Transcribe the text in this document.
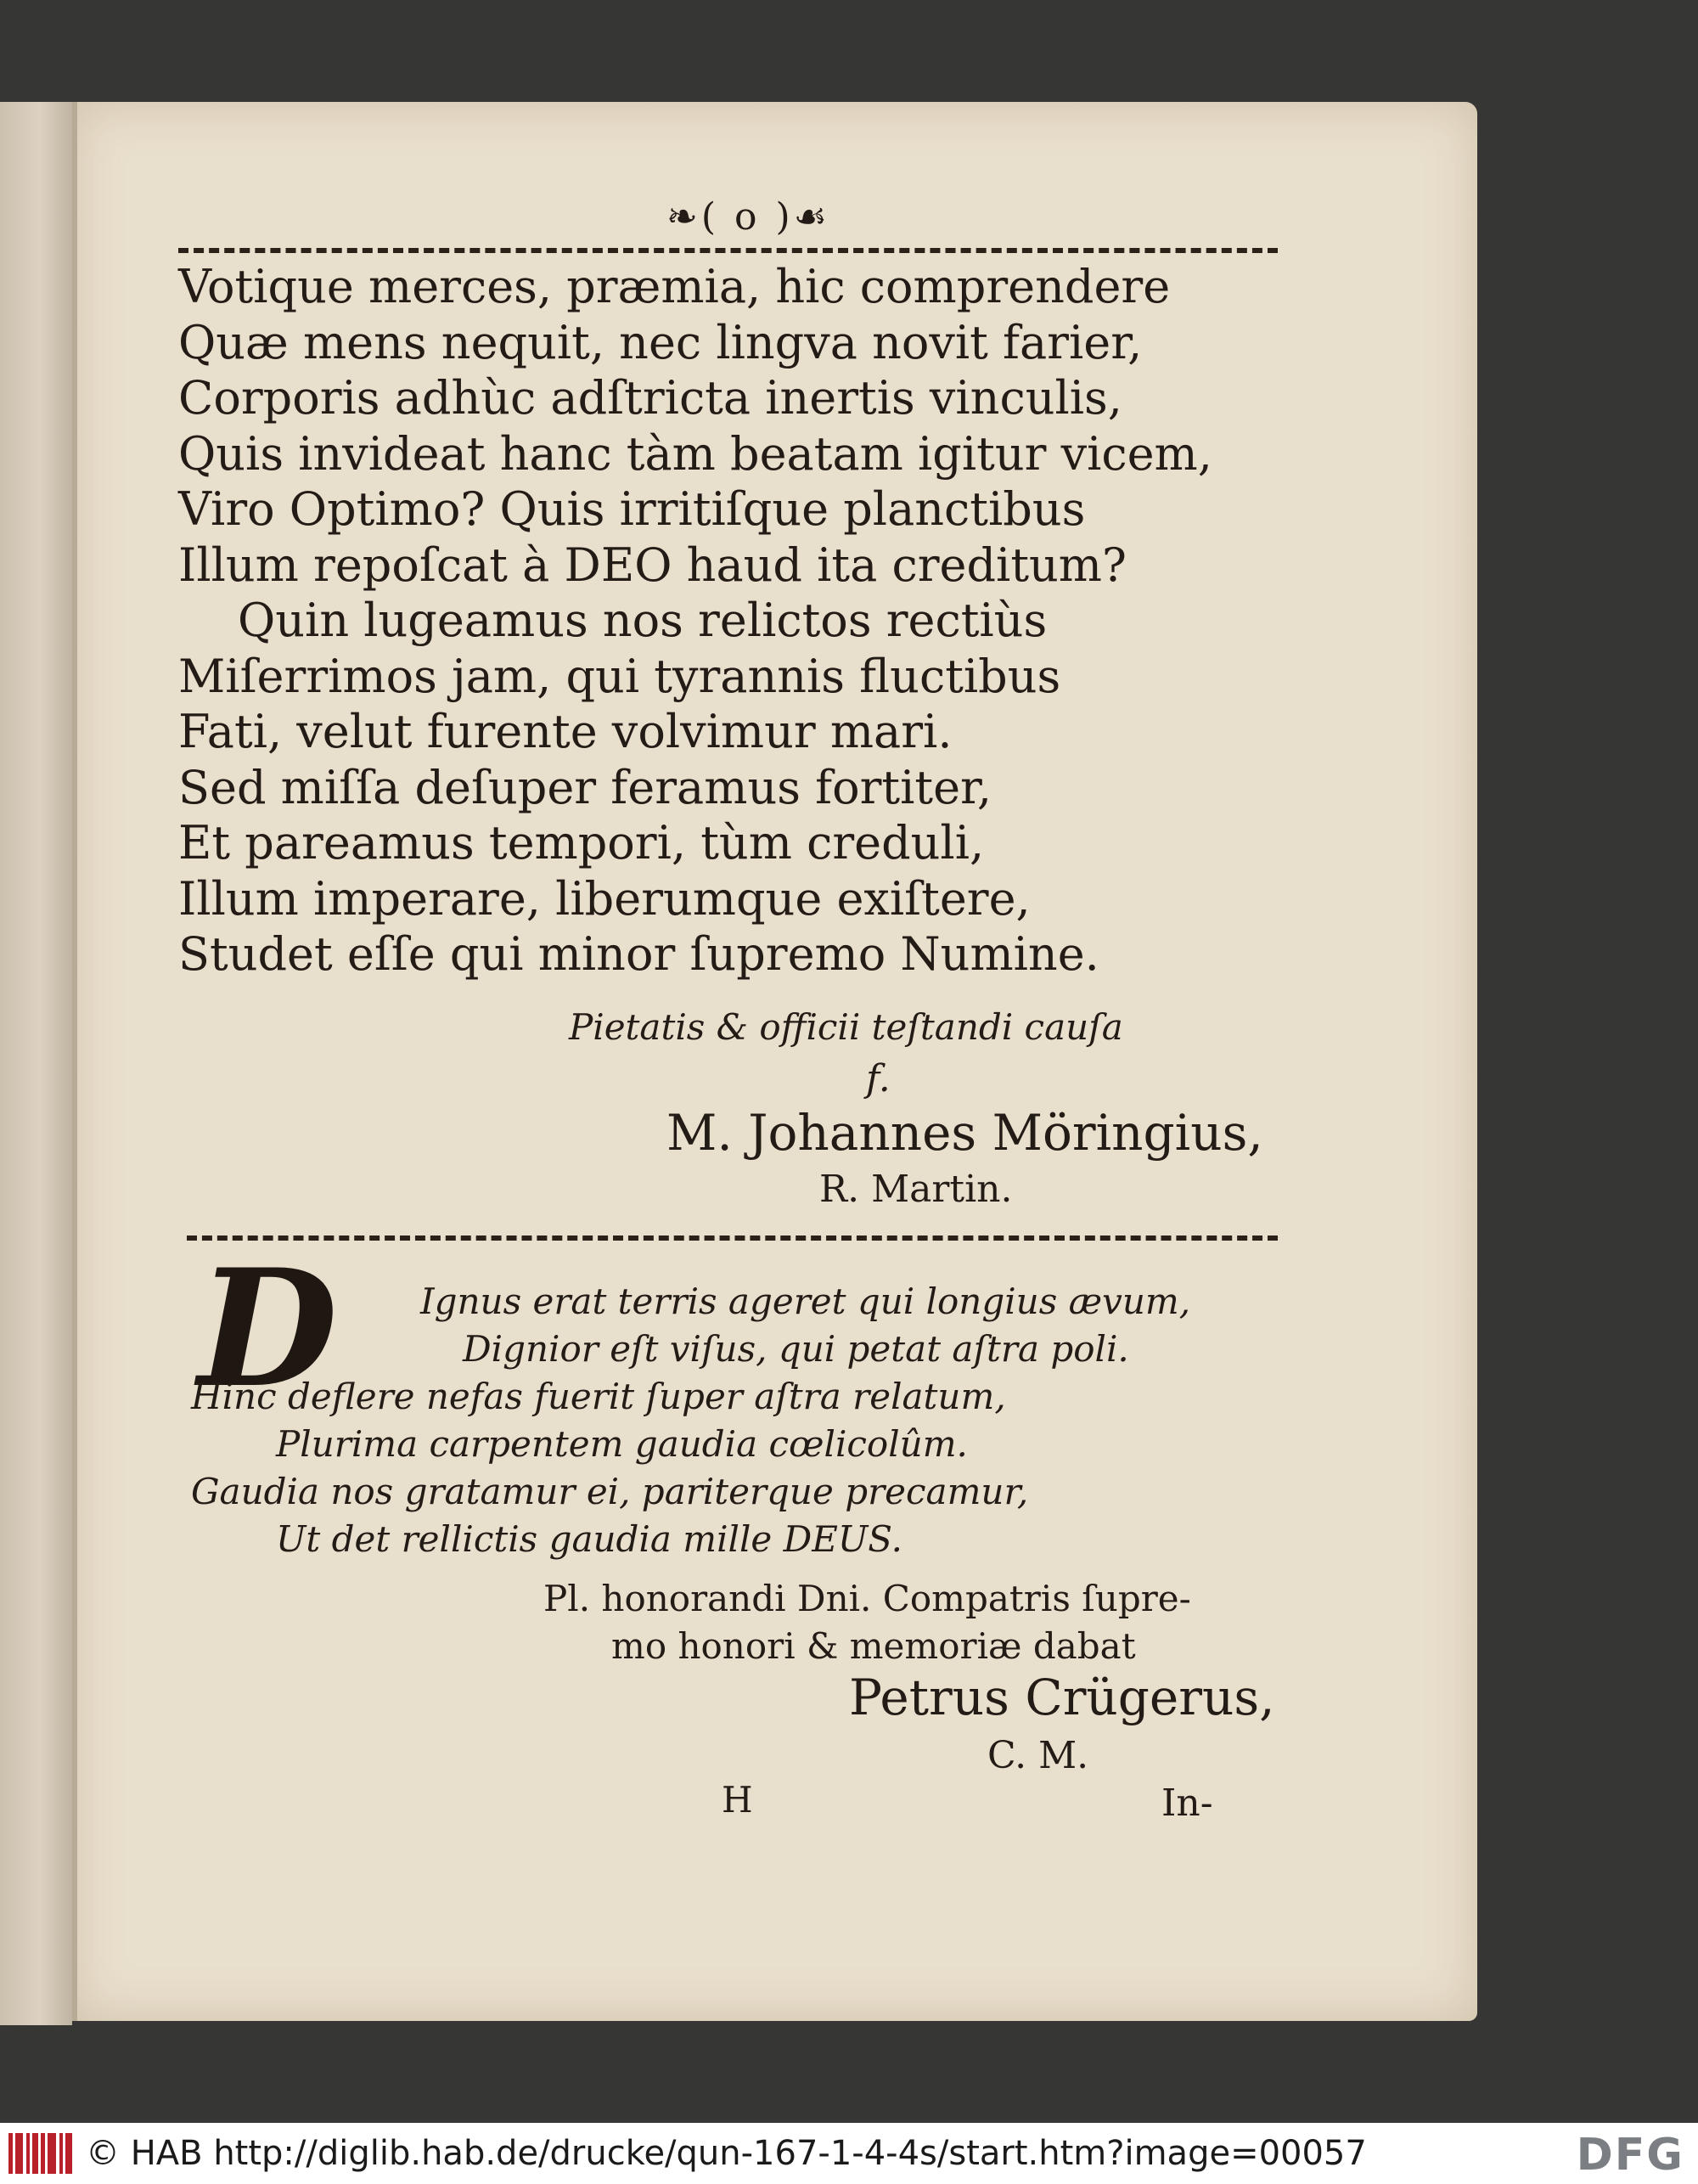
❧( o )☙
Votique merces, præmia, hic comprendere
Quæ mens nequit, nec lingva novit farier,
Corporis adhùc adſtricta inertis vinculis,
Quis invideat hanc tàm beatam igitur vicem,
Viro Optimo? Quis irritiſque planctibus
Illum repoſcat à DEO haud ita creditum?
Quin lugeamus nos relictos rectiùs
Miſerrimos jam, qui tyrannis fluctibus
Fati, velut furente volvimur mari.
Sed miſſa deſuper feramus fortiter,
Et pareamus tempori, tùm creduli,
Illum imperare, liberumque exiſtere,
Studet eſſe qui minor ſupremo Numine.
Pietatis & officii teſtandi cauſa
f.
M. Johannes Möringius,
R. Martin.
D	Ignus erat terris ageret qui longius ævum,
Dignior eſt viſus, qui petat aſtra poli.
Hinc deflere nefas fuerit ſuper aſtra relatum,
Plurima carpentem gaudia cœlicolûm.
Gaudia nos gratamur ei, pariterque precamur,
Ut det rellictis gaudia mille DEUS.
Pl. honorandi Dni. Compatris ſupre-
mo honori & memoriæ dabat
Petrus Crügerus,
C. M.
H	In-
© HAB http://diglib.hab.de/drucke/qun-167-1-4-4s/start.htm?image=00057	DFG
